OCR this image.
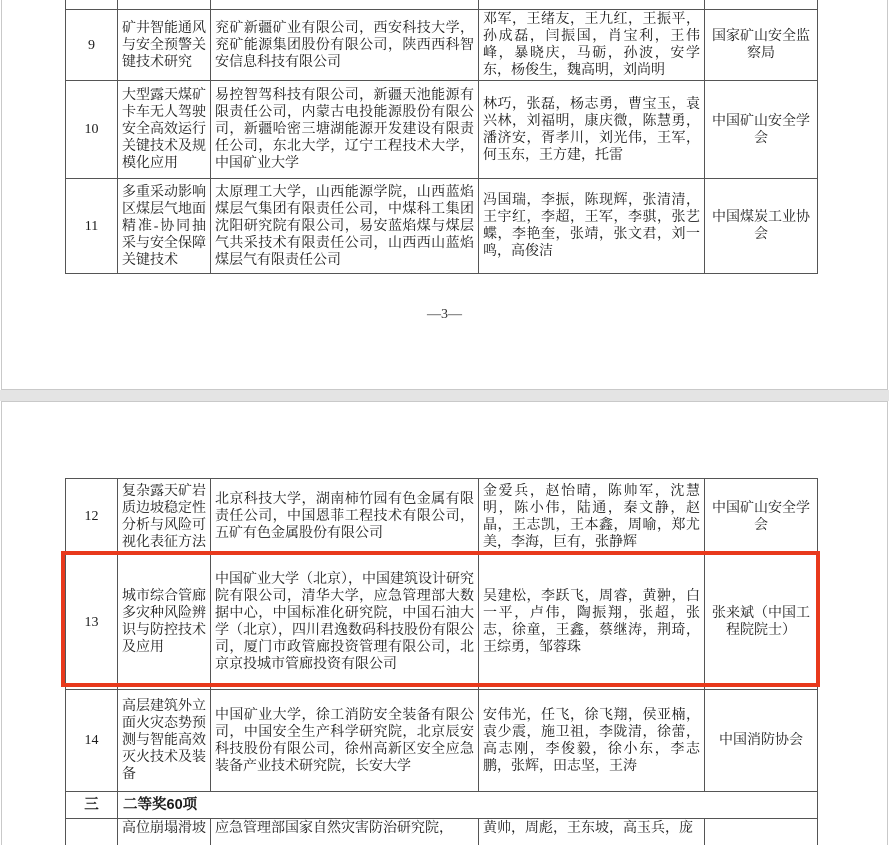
9	矿井智能通风与安全预警关键技术研究	兖矿新疆矿业有限公司，西安科技大学，兖矿能源集团股份有限公司，陕西西科智安信息科技有限公司	邓军，王绪友，王九红，王振平，孙成磊，闫振国，肖宝利，王伟峰，暴晓庆，马砺，孙波，安学东，杨俊生，魏高明，刘尚明	国家矿山安全监察局
10	大型露天煤矿卡车无人驾驶安全高效运行关键技术及规模化应用	易控智驾科技有限公司，新疆天池能源有限责任公司，内蒙古电投能源股份有限公司，新疆哈密三塘湖能源开发建设有限责任公司，东北大学，辽宁工程技术大学，中国矿业大学	林巧，张磊，杨志勇，曹宝玉，袁兴林，刘福明，康庆微，陈慧勇，潘济安，胥孝川，刘光伟，王军，何玉东，王方建，托雷	中国矿山安全学会
11	多重采动影响区煤层气地面精准-协同抽采与安全保障关键技术	太原理工大学，山西能源学院，山西蓝焰煤层气集团有限责任公司，中煤科工集团沈阳研究院有限公司，易安蓝焰煤与煤层气共采技术有限责任公司，山西西山蓝焰煤层气有限责任公司	冯国瑞，李振，陈现辉，张清清，王宇红，李超，王军，李骐，张艺蝶，李艳奎，张靖，张文君，刘一鸣，高俊洁	中国煤炭工业协会
—3—
12	复杂露天矿岩质边坡稳定性分析与风险可视化表征方法	北京科技大学，湖南柿竹园有色金属有限责任公司，中国恩菲工程技术有限公司，五矿有色金属股份有限公司	金爱兵，赵怡晴，陈帅军，沈慧明，陈小伟，陆通，秦文静，赵晶，王志凯，王本鑫，周喻，郑尤美，李海，巨有，张静辉	中国矿山安全学会
13	城市综合管廊多灾种风险辨识与防控技术及应用	中国矿业大学（北京），中国建筑设计研究院有限公司，清华大学，应急管理部大数据中心，中国标准化研究院，中国石油大学（北京），四川君逸数码科技股份有限公司，厦门市政管廊投资管理有限公司，北京京投城市管廊投资有限公司	吴建松，李跃飞，周睿，黄翀，白一平，卢伟，陶振翔，张超，张志，徐童，王鑫，蔡继涛，荆琦，王综勇，邹蓉珠	张来斌（中国工程院院士）
14	高层建筑外立面火灾态势预测与智能高效灭火技术及装备	中国矿业大学，徐工消防安全装备有限公司，中国安全生产科学研究院，北京辰安科技股份有限公司，徐州高新区安全应急装备产业技术研究院，长安大学	安伟光，任飞，徐飞翔，侯亚楠，袁少震，施卫祖，李陇清，徐蕾，高志刚，李俊毅，徐小东，李志鹏，张辉，田志坚，王涛	中国消防协会
三	二等奖60项			
	高位崩塌滑坡	应急管理部国家自然灾害防治研究院，	黄帅，周彪，王东坡，高玉兵，庞	
